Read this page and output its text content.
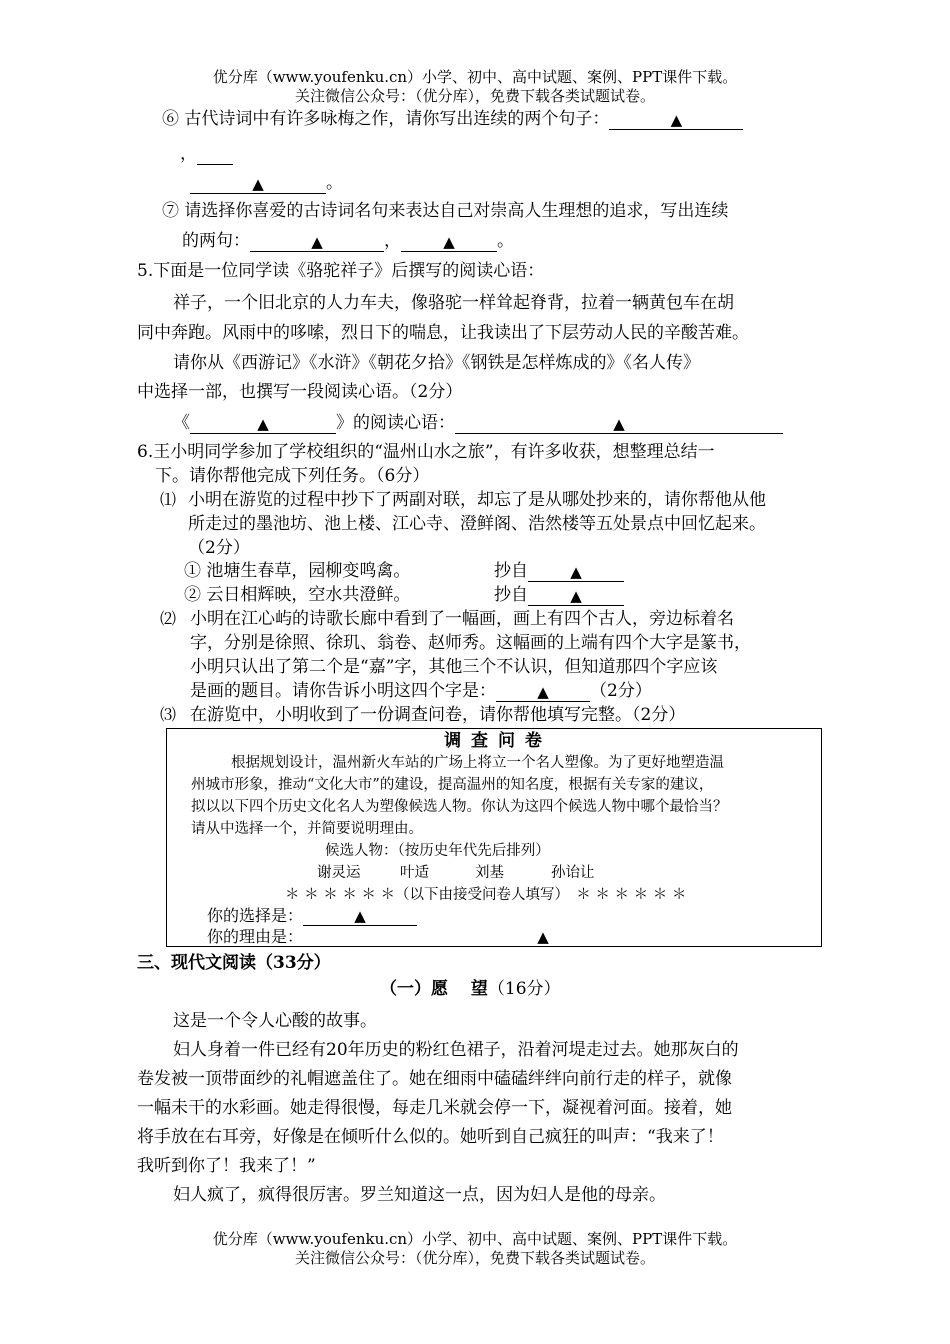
优分库（www.youfenku.cn）小学、初中、高中试题、案例、PPT课件下载。
关注微信公众号：（优分库），免费下载各类试题试卷。
⑥ 古代诗词中有许多咏梅之作，请你写出连续的两个句子：	▲
，
▲	。
⑦ 请选择你喜爱的古诗词名句来表达自己对崇高人生理想的追求，写出连续
的两句：	▲	，	▲ 。
5.下面是一位同学读《骆驼祥子》后撰写的阅读心语：
祥子，一个旧北京的人力车夫，像骆驼一样耸起脊背，拉着一辆黄包车在胡
同中奔跑。风雨中的哆嗦，烈日下的喘息，让我读出了下层劳动人民的辛酸苦难。
请你从《西游记》《水浒》《朝花夕拾》《钢铁是怎样炼成的》《名人传》
中选择一部，也撰写一段阅读心语。（2分）
《	▲	》的阅读心语：	▲
6.王小明同学参加了学校组织的“温州山水之旅”，有许多收获，想整理总结一
下。请你帮他完成下列任务。（6分）
⑴ 小明在游览的过程中抄下了两副对联，却忘了是从哪处抄来的，请你帮他从他
所走过的墨池坊、池上楼、江心寺、澄鲜阁、浩然楼等五处景点中回忆起来。
（2分）
① 池塘生春草，园柳变鸣禽。	抄自	▲
② 云日相辉映，空水共澄鲜。	抄自	▲
⑵ 小明在江心屿的诗歌长廊中看到了一幅画，画上有四个古人，旁边标着名
字，分别是徐照、徐玑、翁卷、赵师秀。这幅画的上端有四个大字是篆书，
小明只认出了第二个是“嘉”字，其他三个不认识，但知道那四个字应该
是画的题目。请你告诉小明这四个字是：	▲ （2分）
⑶ 在游览中，小明收到了一份调查问卷，请你帮他填写完整。（2分）
调 查 问 卷
根据规划设计，温州新火车站的广场上将立一个名人塑像。为了更好地塑造温
州城市形象，推动“文化大市”的建设，提高温州的知名度，根据有关专家的建议，
拟以以下四个历史文化名人为塑像候选人物。你认为这四个候选人物中哪个最恰当？
请从中选择一个，并简要说明理由。
候选人物：（按历史年代先后排列）
谢灵运	叶适	刘基	孙诒让
＊ ＊ ＊ ＊ ＊ ＊（以下由接受问卷人填写）　＊ ＊ ＊ ＊ ＊ ＊
你的选择是：	▲
你的理由是：	▲
三、现代文阅读（33分）
（一）愿　 望（16分）
这是一个令人心酸的故事。
妇人身着一件已经有20年历史的粉红色裙子，沿着河堤走过去。她那灰白的
卷发被一顶带面纱的礼帽遮盖住了。她在细雨中磕磕绊绊向前行走的样子，就像
一幅未干的水彩画。她走得很慢，每走几米就会停一下，凝视着河面。接着，她
将手放在右耳旁，好像是在倾听什么似的。她听到自己疯狂的叫声：“我来了！
我听到你了！我来了！”
妇人疯了，疯得很厉害。罗兰知道这一点，因为妇人是他的母亲。
优分库（www.youfenku.cn）小学、初中、高中试题、案例、PPT课件下载。
关注微信公众号：（优分库），免费下载各类试题试卷。
